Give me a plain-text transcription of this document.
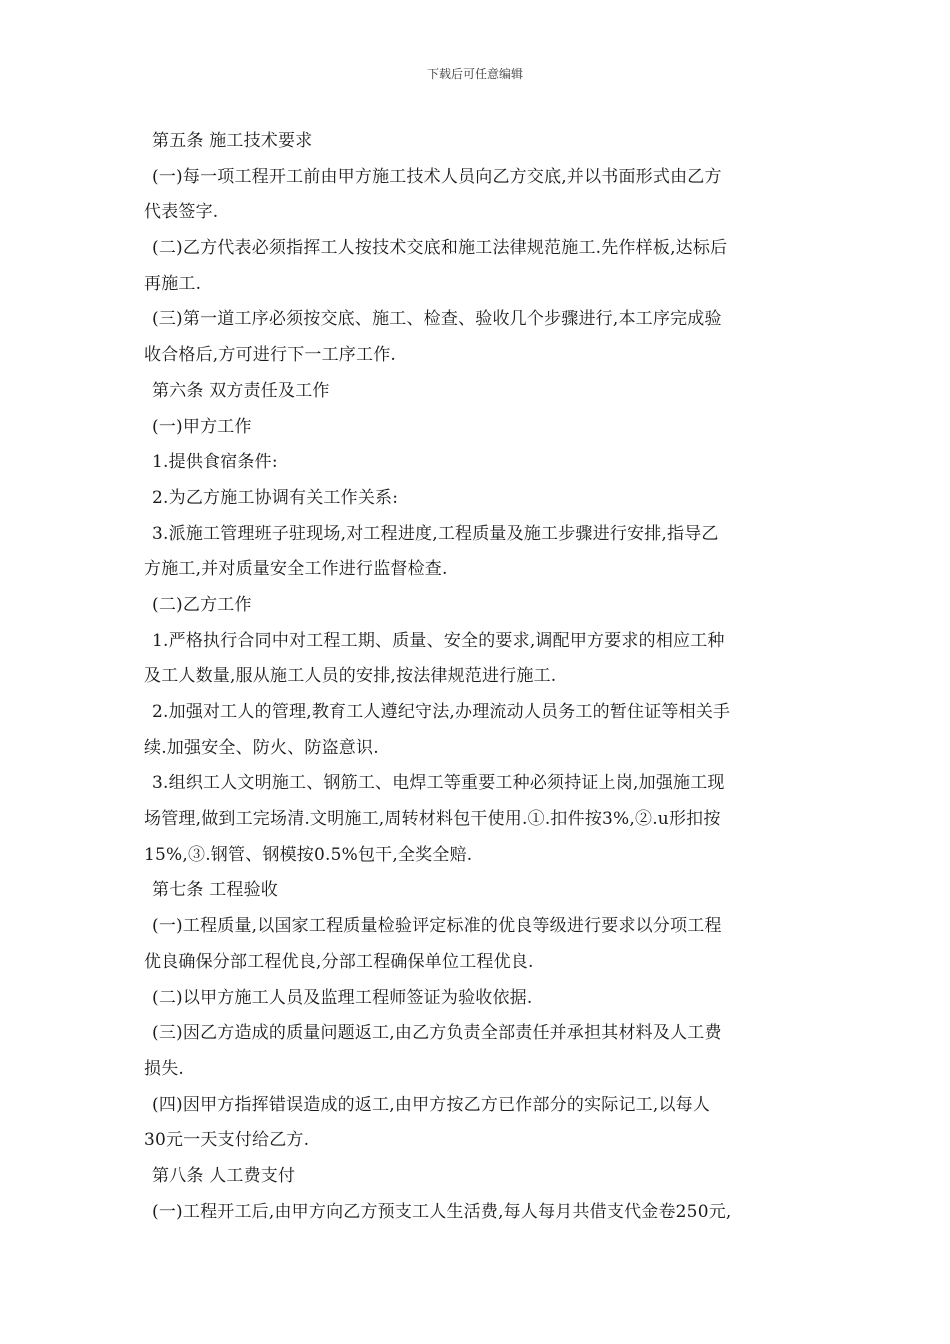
下载后可任意编辑
第五条 施工技术要求
(一)每一项工程开工前由甲方施工技术人员向乙方交底,并以书面形式由乙方
代表签字.
(二)乙方代表必须指挥工人按技术交底和施工法律规范施工.先作样板,达标后
再施工.
(三)第一道工序必须按交底、施工、检查、验收几个步骤进行,本工序完成验
收合格后,方可进行下一工序工作.
第六条 双方责任及工作
(一)甲方工作
1.提供食宿条件:
2.为乙方施工协调有关工作关系:
3.派施工管理班子驻现场,对工程进度,工程质量及施工步骤进行安排,指导乙
方施工,并对质量安全工作进行监督检查.
(二)乙方工作
1.严格执行合同中对工程工期、质量、安全的要求,调配甲方要求的相应工种
及工人数量,服从施工人员的安排,按法律规范进行施工.
2.加强对工人的管理,教育工人遵纪守法,办理流动人员务工的暂住证等相关手
续.加强安全、防火、防盗意识.
3.组织工人文明施工、钢筋工、电焊工等重要工种必须持证上岗,加强施工现
场管理,做到工完场清.文明施工,周转材料包干使用.①.扣件按3%,②.u形扣按
15%,③.钢管、钢模按0.5%包干,全奖全赔.
第七条 工程验收
(一)工程质量,以国家工程质量检验评定标准的优良等级进行要求以分项工程
优良确保分部工程优良,分部工程确保单位工程优良.
(二)以甲方施工人员及监理工程师签证为验收依据.
(三)因乙方造成的质量问题返工,由乙方负责全部责任并承担其材料及人工费
损失.
(四)因甲方指挥错误造成的返工,由甲方按乙方已作部分的实际记工,以每人
30元一天支付给乙方.
第八条 人工费支付
(一)工程开工后,由甲方向乙方预支工人生活费,每人每月共借支代金卷250元,
